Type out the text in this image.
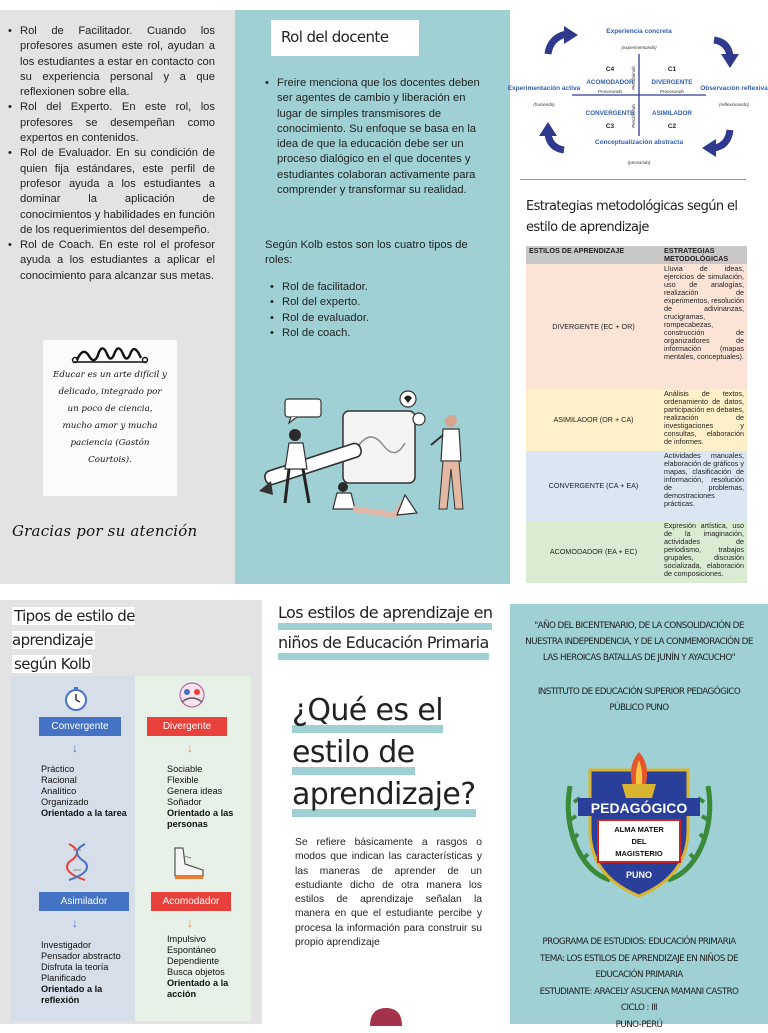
• Rol de Facilitador. Cuando los profesores asumen este rol, ayudan a los estudiantes a estar en contacto con su experiencia personal y a que reflexionen sobre ella.
• Rol del Experto. En este rol, los profesores se desempeñan como expertos en contenidos.
• Rol de Evaluador. En su condición de quien fija estándares, este perfil de profesor ayuda a los estudiantes a dominar la aplicación de conocimientos y habilidades en función de los requerimientos del desempeño.
• Rol de Coach. En este rol el profesor ayuda a los estudiantes a aplicar el conocimiento para alcanzar sus metas.
Educar es un arte difícil y delicado, integrado por un poco de ciencia, mucho amor y mucha paciencia (Gastón Courtois).
Gracias por su atención
Rol del docente
• Freire menciona que los docentes deben ser agentes de cambio y liberación en lugar de simples transmisores de conocimiento. Su enfoque se basa en la idea de que la educación debe ser un proceso dialógico en el que docentes y estudiantes colaboran activamente para comprender y transformar su realidad.
Según Kolb estos son los cuatro tipos de roles:
• Rol de facilitador.
• Rol del experto.
• Rol de evaluador.
• Rol de coach.
Experiencia concreta
(experimentando)
Observación reflexiva
(reflexionando)
Conceptualización abstracta
(pensando)
Experimentación activa
(haciendo)
C4	C1
ACOMODADOR	DIVERGENTE
Procesando	Procesando
CONVERGENTE	ASIMILADOR
C3	C2
Percibiendo
Percibiendo
Estrategias metodológicas según el estilo de aprendizaje
ESTILOS DE APRENDIZAJE	ESTRATEGIAS METODOLÓGICAS
DIVERGENTE (EC + OR)	Lluvia de ideas, ejercicios de simulación, uso de analogías, realización de experimentos, resolución de adivinanzas, crucigramas, rompecabezas, construcción de organizadores de información (mapas mentales, conceptuales).
ASIMILADOR (OR + CA)	Análisis de textos, ordenamiento de datos, participación en debates, realización de investigaciones y consultas, elaboración de informes.
CONVERGENTE (CA + EA)	Actividades manuales, elaboración de gráficos y mapas, clasificación de información, resolución de problemas, demostraciones prácticas.
ACOMODADOR (EA + EC)	Expresión artística, uso de la imaginación, actividades de periodismo, trabajos grupales, discusión socializada, elaboración de composiciones.
Tipos de estilo de aprendizaje
según Kolb
Convergente
↓
Práctico
Racional
Analítico
Organizado
Orientado a la tarea
Asimilador
↓
Investigador
Pensador abstracto
Disfruta la teoría
Planificado
Orientado a la reflexión
Divergente
↓
Sociable
Flexible
Genera ideas
Soñador
Orientado a las personas
Acomodador
↓
Impulsivo
Espontáneo
Dependiente
Busca objetos
Orientado a la acción
Los estilos de aprendizaje en
niños de Educación Primaria
¿Qué es el
estilo de
aprendizaje?
Se refiere básicamente a rasgos o modos que indican las características y las maneras de aprender de un estudiante dicho de otra manera los estilos de aprendizaje señalan la manera en que el estudiante percibe y procesa la información para construir su propio aprendizaje
"AÑO DEL BICENTENARIO, DE LA CONSOLIDACIÓN DE NUESTRA INDEPENDENCIA, Y DE LA CONMEMORACIÓN DE LAS HEROICAS BATALLAS DE JUNÍN Y AYACUCHO"
INSTITUTO DE EDUCACIÓN SUPERIOR PEDAGÓGICO PÚBLICO PUNO
PEDAGÓGICO
ALMA MATER
DEL
MAGISTERIO
PUNO
PROGRAMA DE ESTUDIOS: EDUCACIÓN PRIMARIA
TEMA: LOS ESTILOS DE APRENDIZAJE EN NIÑOS DE EDUCACIÓN PRIMARIA
ESTUDIANTE: ARACELY ASUCENA MAMANI CASTRO
CICLO : III
PUNO-PERÚ
